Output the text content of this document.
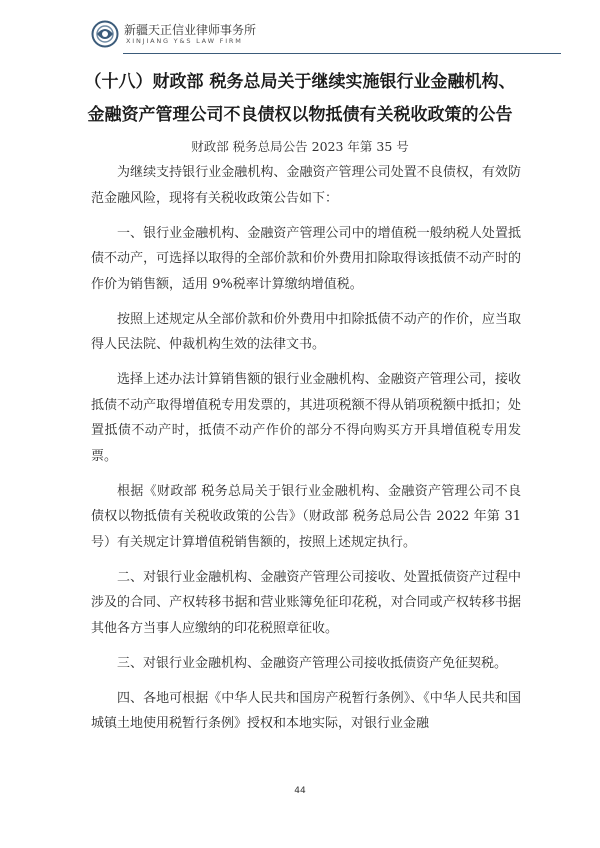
新疆天正信业律师事务所
XINJIANG Y&S LAW FIRM
（十八）财政部 税务总局关于继续实施银行业金融机构、
金融资产管理公司不良债权以物抵债有关税收政策的公告
财政部 税务总局公告 2023 年第 35 号

为继续支持银行业金融机构、金融资产管理公司处置不良债权，有效防范金融风险，现将有关税收政策公告如下：

一、银行业金融机构、金融资产管理公司中的增值税一般纳税人处置抵债不动产，可选择以取得的全部价款和价外费用扣除取得该抵债不动产时的作价为销售额，适用 9%税率计算缴纳增值税。

按照上述规定从全部价款和价外费用中扣除抵债不动产的作价，应当取得人民法院、仲裁机构生效的法律文书。

选择上述办法计算销售额的银行业金融机构、金融资产管理公司，接收抵债不动产取得增值税专用发票的，其进项税额不得从销项税额中抵扣；处置抵债不动产时，抵债不动产作价的部分不得向购买方开具增值税专用发票。

根据《财政部 税务总局关于银行业金融机构、金融资产管理公司不良债权以物抵债有关税收政策的公告》（财政部 税务总局公告 2022 年第 31 号）有关规定计算增值税销售额的，按照上述规定执行。

二、对银行业金融机构、金融资产管理公司接收、处置抵债资产过程中涉及的合同、产权转移书据和营业账簿免征印花税，对合同或产权转移书据其他各方当事人应缴纳的印花税照章征收。

三、对银行业金融机构、金融资产管理公司接收抵债资产免征契税。

四、各地可根据《中华人民共和国房产税暂行条例》、《中华人民共和国城镇土地使用税暂行条例》授权和本地实际，对银行业金融

44
